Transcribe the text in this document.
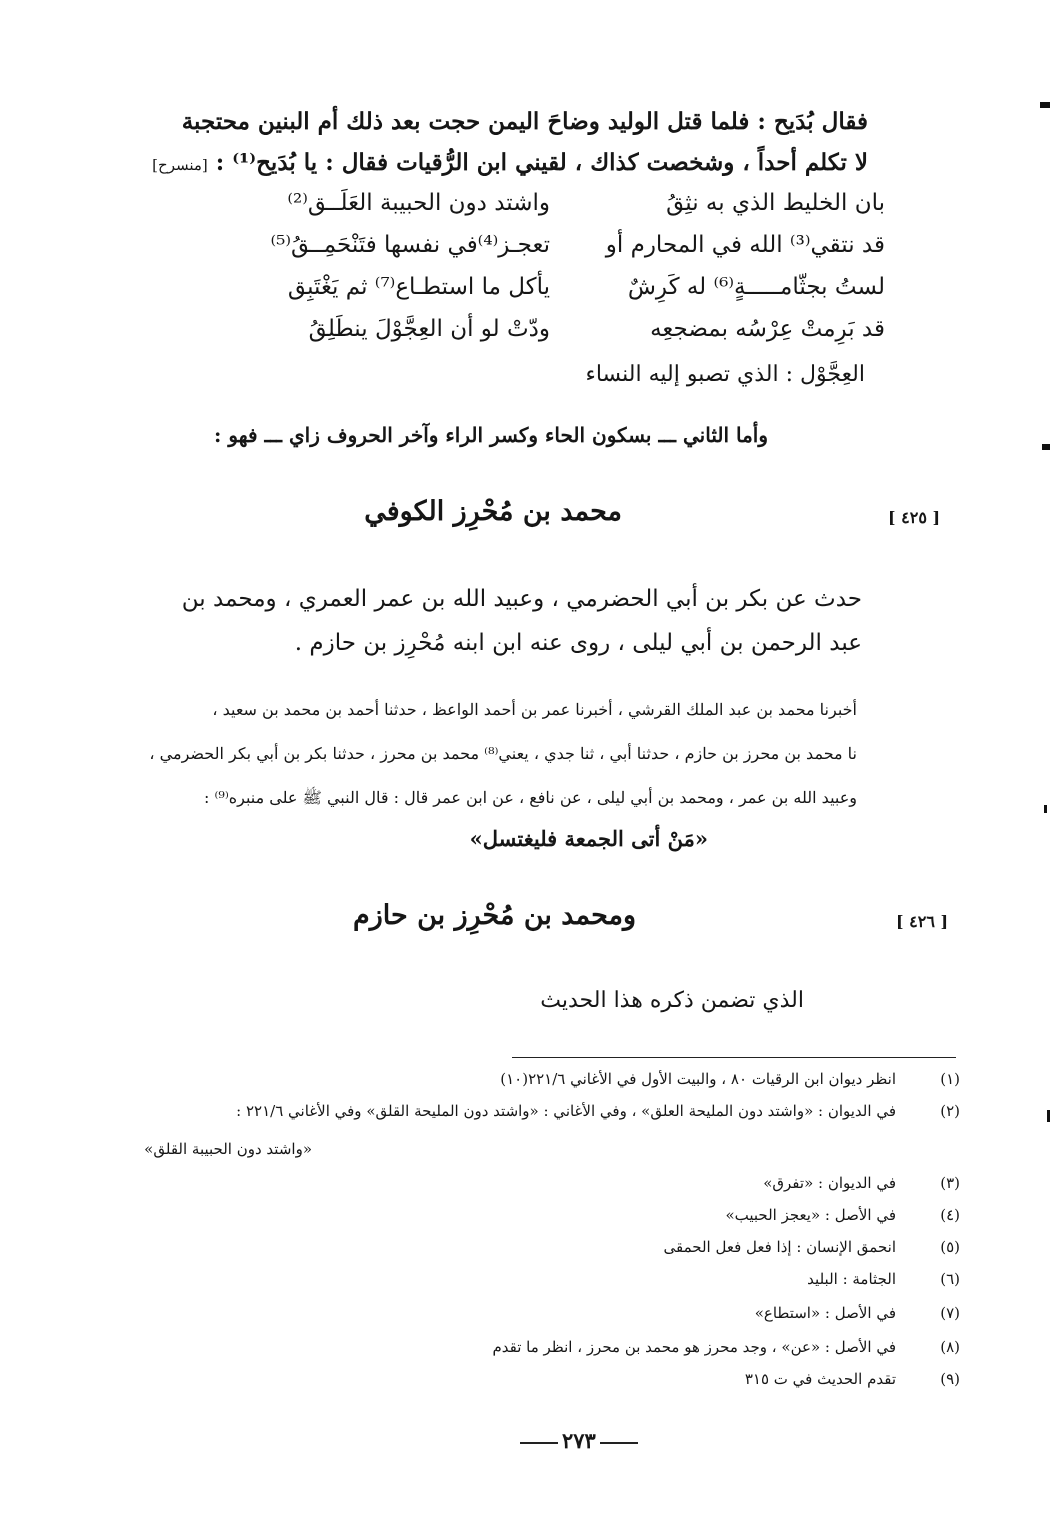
فقال بُدَيح : فلما قتل الوليد وضاحَ اليمن حجت بعد ذلك أم البنين محتجبة
لا تكلم أحداً ، وشخصت كذاك ، لقيني ابن الرُّقيات فقال : يا بُدَيح⁽¹⁾ : [منسرح]
بان الخليط الذي به نثِقُ
واشتد دون الحبيبة العَلَــق⁽²⁾
قد نتقي⁽³⁾ الله في المحارم أو
تعجـز⁽⁴⁾في نفسها فتَنْحَمِــقُ⁽⁵⁾
لستُ بجثّامـــــةٍ⁽⁶⁾ له كَرِشٌ
يأكل ما استطـاع⁽⁷⁾ ثم يَغْتَبِق
قد بَرِمتْ عِرْسُه بمضجعِه
ودّتْ لو أن العِجَّوْلَ ينطَلِقُ
العِجَّوْل : الذي تصبو إليه النساء
وأما الثاني ـــ بسكون الحاء وكسر الراء وآخر الحروف زاي ـــ فهو :
[ ٤٢٥ ]
محمد بن مُحْرِز الكوفي
حدث عن بكر بن أبي الحضرمي ، وعبيد الله بن عمر العمري ، ومحمد بن
عبد الرحمن بن أبي ليلى ، روى عنه ابن ابنه مُحْرِز بن حازم .
أخبرنا محمد بن عبد الملك القرشي ، أخبرنا عمر بن أحمد الواعظ ، حدثنا أحمد بن محمد بن سعيد ،
نا محمد بن محرز بن حازم ، حدثنا أبي ، ثنا جدي ، يعني⁽⁸⁾ محمد بن محرز ، حدثنا بكر بن أبي بكر الحضرمي ،
وعبيد الله بن عمر ، ومحمد بن أبي ليلى ، عن نافع ، عن ابن عمر قال : قال النبي ﷺ على منبره⁽⁹⁾ :
«مَنْ أتى الجمعة فليغتسل»
[ ٤٢٦ ]
ومحمد بن مُحْرِز بن حازم
الذي تضمن ذكره هذا الحديث
(١)انظر ديوان ابن الرقيات ٨٠ ، والبيت الأول في الأغاني ٢٢١/٦(١٠)
(٢)في الديوان : «واشتد دون المليحة العلق» ، وفي الأغاني : «واشتد دون المليحة القلق» وفي الأغاني ٢٢١/٦ :
«واشتد دون الحبيبة القلق»
(٣)في الديوان : «تفرق»
(٤)في الأصل : «يعجز الحبيب»
(٥)انحمق الإنسان : إذا فعل فعل الحمقى
(٦)الجثامة : البليد
(٧)في الأصل : «استطاع»
(٨)في الأصل : «عن» ، وجد محرز هو محمد بن محرز ، انظر ما تقدم
(٩)تقدم الحديث في ت ٣١٥
٢٧٣
